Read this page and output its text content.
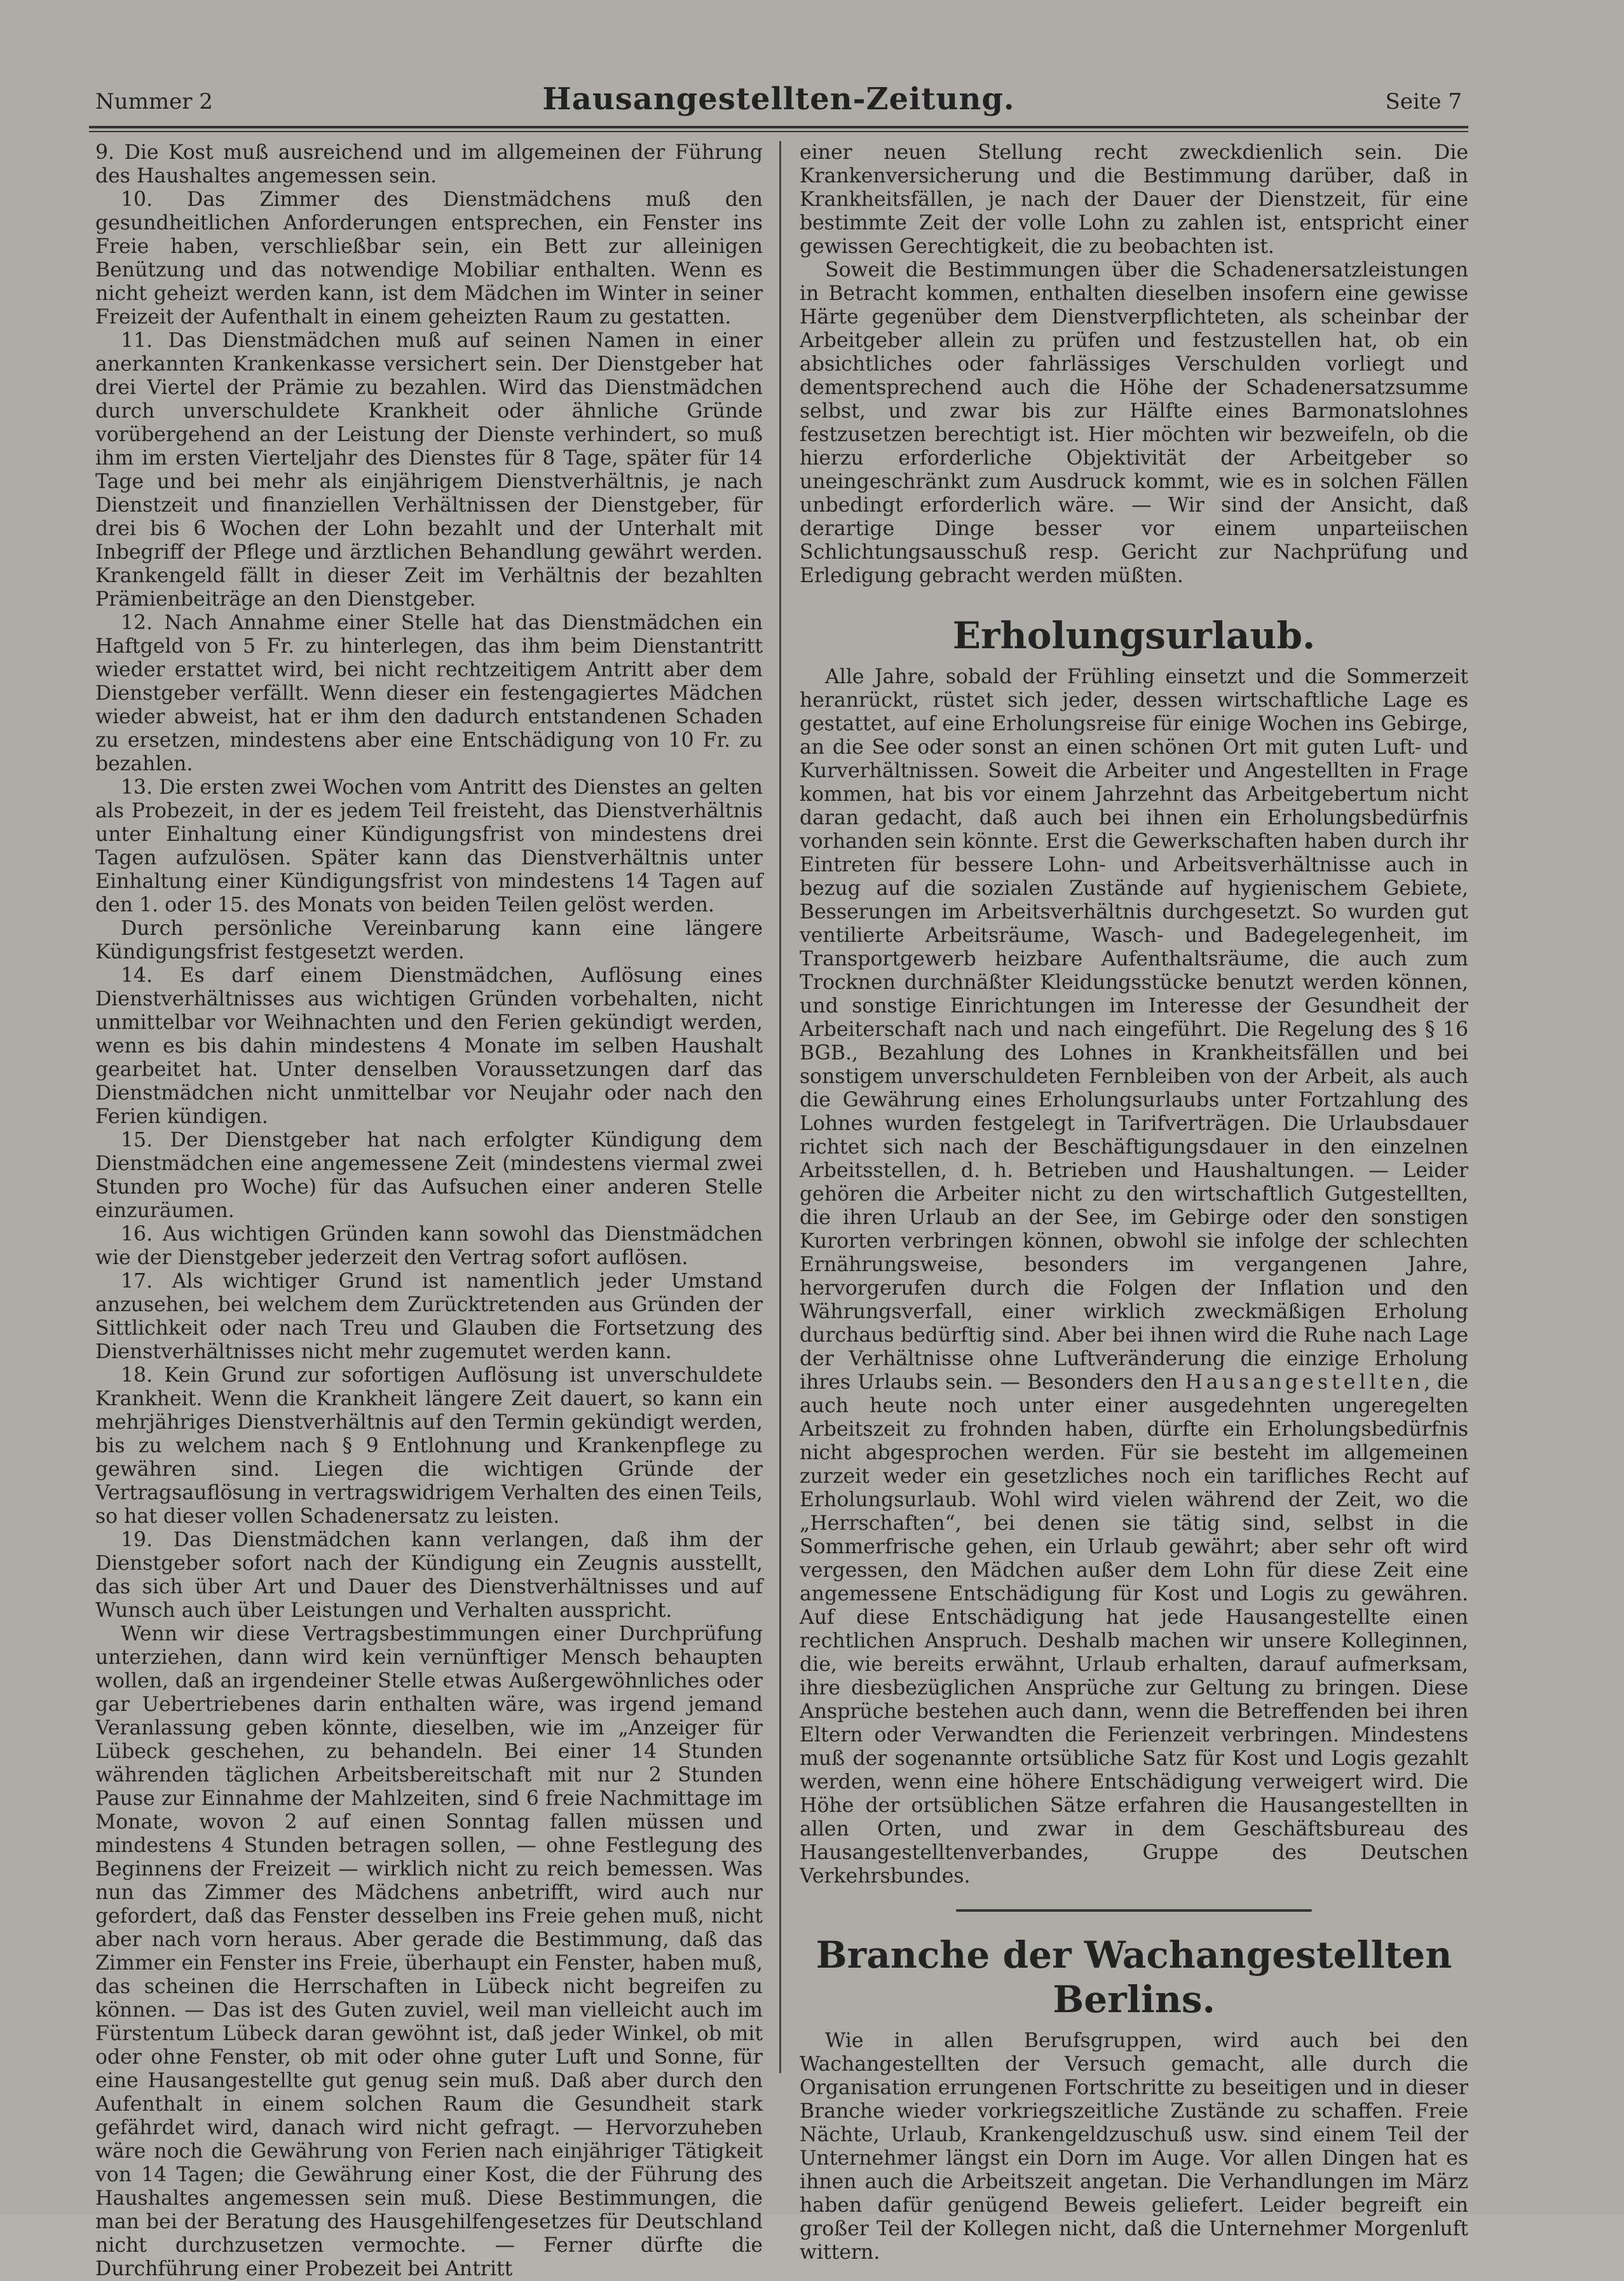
Nummer 2	Hausangestellten-Zeitung.	Seite 7

9. Die Kost muß ausreichend und im allgemeinen der Führung des Haushaltes angemessen sein.

10. Das Zimmer des Dienstmädchens muß den gesundheitlichen Anforderungen entsprechen, ein Fenster ins Freie haben, verschließbar sein, ein Bett zur alleinigen Benützung und das notwendige Mobiliar enthalten. Wenn es nicht geheizt werden kann, ist dem Mädchen im Winter in seiner Freizeit der Aufenthalt in einem geheizten Raum zu gestatten.

11. Das Dienstmädchen muß auf seinen Namen in einer anerkannten Krankenkasse versichert sein. Der Dienstgeber hat drei Viertel der Prämie zu bezahlen. Wird das Dienstmädchen durch unverschuldete Krankheit oder ähnliche Gründe vorübergehend an der Leistung der Dienste verhindert, so muß ihm im ersten Vierteljahr des Dienstes für 8 Tage, später für 14 Tage und bei mehr als einjährigem Dienstverhältnis, je nach Dienstzeit und finanziellen Verhältnissen der Dienstgeber, für drei bis 6 Wochen der Lohn bezahlt und der Unterhalt mit Inbegriff der Pflege und ärztlichen Behandlung gewährt werden. Krankengeld fällt in dieser Zeit im Verhältnis der bezahlten Prämienbeiträge an den Dienstgeber.

12. Nach Annahme einer Stelle hat das Dienstmädchen ein Haftgeld von 5 Fr. zu hinterlegen, das ihm beim Dienstantritt wieder erstattet wird, bei nicht rechtzeitigem Antritt aber dem Dienstgeber verfällt. Wenn dieser ein festengagiertes Mädchen wieder abweist, hat er ihm den dadurch entstandenen Schaden zu ersetzen, mindestens aber eine Entschädigung von 10 Fr. zu bezahlen.

13. Die ersten zwei Wochen vom Antritt des Dienstes an gelten als Probezeit, in der es jedem Teil freisteht, das Dienstverhältnis unter Einhaltung einer Kündigungsfrist von mindestens drei Tagen aufzulösen. Später kann das Dienstverhältnis unter Einhaltung einer Kündigungsfrist von mindestens 14 Tagen auf den 1. oder 15. des Monats von beiden Teilen gelöst werden.

Durch persönliche Vereinbarung kann eine längere Kündigungsfrist festgesetzt werden.

14. Es darf einem Dienstmädchen, Auflösung eines Dienstverhältnisses aus wichtigen Gründen vorbehalten, nicht unmittelbar vor Weihnachten und den Ferien gekündigt werden, wenn es bis dahin mindestens 4 Monate im selben Haushalt gearbeitet hat. Unter denselben Voraussetzungen darf das Dienstmädchen nicht unmittelbar vor Neujahr oder nach den Ferien kündigen.

15. Der Dienstgeber hat nach erfolgter Kündigung dem Dienstmädchen eine angemessene Zeit (mindestens viermal zwei Stunden pro Woche) für das Aufsuchen einer anderen Stelle einzuräumen.

16. Aus wichtigen Gründen kann sowohl das Dienstmädchen wie der Dienstgeber jederzeit den Vertrag sofort auflösen.

17. Als wichtiger Grund ist namentlich jeder Umstand anzusehen, bei welchem dem Zurücktretenden aus Gründen der Sittlichkeit oder nach Treu und Glauben die Fortsetzung des Dienstverhältnisses nicht mehr zugemutet werden kann.

18. Kein Grund zur sofortigen Auflösung ist unverschuldete Krankheit. Wenn die Krankheit längere Zeit dauert, so kann ein mehrjähriges Dienstverhältnis auf den Termin gekündigt werden, bis zu welchem nach § 9 Entlohnung und Krankenpflege zu gewähren sind. Liegen die wichtigen Gründe der Vertragsauflösung in vertragswidrigem Verhalten des einen Teils, so hat dieser vollen Schadenersatz zu leisten.

19. Das Dienstmädchen kann verlangen, daß ihm der Dienstgeber sofort nach der Kündigung ein Zeugnis ausstellt, das sich über Art und Dauer des Dienstverhältnisses und auf Wunsch auch über Leistungen und Verhalten ausspricht.

Wenn wir diese Vertragsbestimmungen einer Durchprüfung unterziehen, dann wird kein vernünftiger Mensch behaupten wollen, daß an irgendeiner Stelle etwas Außergewöhnliches oder gar Uebertriebenes darin enthalten wäre, was irgend jemand Veranlassung geben könnte, dieselben, wie im „Anzeiger für Lübeck geschehen, zu behandeln. Bei einer 14 Stunden währenden täglichen Arbeitsbereitschaft mit nur 2 Stunden Pause zur Einnahme der Mahlzeiten, sind 6 freie Nachmittage im Monate, wovon 2 auf einen Sonntag fallen müssen und mindestens 4 Stunden betragen sollen, — ohne Festlegung des Beginnens der Freizeit — wirklich nicht zu reich bemessen. Was nun das Zimmer des Mädchens anbetrifft, wird auch nur gefordert, daß das Fenster desselben ins Freie gehen muß, nicht aber nach vorn heraus. Aber gerade die Bestimmung, daß das Zimmer ein Fenster ins Freie, überhaupt ein Fenster, haben muß, das scheinen die Herrschaften in Lübeck nicht begreifen zu können. — Das ist des Guten zuviel, weil man vielleicht auch im Fürstentum Lübeck daran gewöhnt ist, daß jeder Winkel, ob mit oder ohne Fenster, ob mit oder ohne guter Luft und Sonne, für eine Hausangestellte gut genug sein muß. Daß aber durch den Aufenthalt in einem solchen Raum die Gesundheit stark gefährdet wird, danach wird nicht gefragt. — Hervorzuheben wäre noch die Gewährung von Ferien nach einjähriger Tätigkeit von 14 Tagen; die Gewährung einer Kost, die der Führung des Haushaltes angemessen sein muß. Diese Bestimmungen, die man bei der Beratung des Hausgehilfengesetzes für Deutschland nicht durchzusetzen vermochte. — Ferner dürfte die Durchführung einer Probezeit bei Antritt

einer neuen Stellung recht zweckdienlich sein. Die Krankenversicherung und die Bestimmung darüber, daß in Krankheitsfällen, je nach der Dauer der Dienstzeit, für eine bestimmte Zeit der volle Lohn zu zahlen ist, entspricht einer gewissen Gerechtigkeit, die zu beobachten ist.

Soweit die Bestimmungen über die Schadenersatzleistungen in Betracht kommen, enthalten dieselben insofern eine gewisse Härte gegenüber dem Dienstverpflichteten, als scheinbar der Arbeitgeber allein zu prüfen und festzustellen hat, ob ein absichtliches oder fahrlässiges Verschulden vorliegt und dementsprechend auch die Höhe der Schadenersatzsumme selbst, und zwar bis zur Hälfte eines Barmonatslohnes festzusetzen berechtigt ist. Hier möchten wir bezweifeln, ob die hierzu erforderliche Objektivität der Arbeitgeber so uneingeschränkt zum Ausdruck kommt, wie es in solchen Fällen unbedingt erforderlich wäre. — Wir sind der Ansicht, daß derartige Dinge besser vor einem unparteiischen Schlichtungsausschuß resp. Gericht zur Nachprüfung und Erledigung gebracht werden müßten.

Erholungsurlaub.

Alle Jahre, sobald der Frühling einsetzt und die Sommerzeit heranrückt, rüstet sich jeder, dessen wirtschaftliche Lage es gestattet, auf eine Erholungsreise für einige Wochen ins Gebirge, an die See oder sonst an einen schönen Ort mit guten Luft- und Kurverhältnissen. Soweit die Arbeiter und Angestellten in Frage kommen, hat bis vor einem Jahrzehnt das Arbeitgebertum nicht daran gedacht, daß auch bei ihnen ein Erholungsbedürfnis vorhanden sein könnte. Erst die Gewerkschaften haben durch ihr Eintreten für bessere Lohn- und Arbeitsverhältnisse auch in bezug auf die sozialen Zustände auf hygienischem Gebiete, Besserungen im Arbeitsverhältnis durchgesetzt. So wurden gut ventilierte Arbeitsräume, Wasch- und Badegelegenheit, im Transportgewerb heizbare Aufenthaltsräume, die auch zum Trocknen durchnäßter Kleidungsstücke benutzt werden können, und sonstige Einrichtungen im Interesse der Gesundheit der Arbeiterschaft nach und nach eingeführt. Die Regelung des § 16 BGB., Bezahlung des Lohnes in Krankheitsfällen und bei sonstigem unverschuldeten Fernbleiben von der Arbeit, als auch die Gewährung eines Erholungsurlaubs unter Fortzahlung des Lohnes wurden festgelegt in Tarifverträgen. Die Urlaubsdauer richtet sich nach der Beschäftigungsdauer in den einzelnen Arbeitsstellen, d. h. Betrieben und Haushaltungen. — Leider gehören die Arbeiter nicht zu den wirtschaftlich Gutgestellten, die ihren Urlaub an der See, im Gebirge oder den sonstigen Kurorten verbringen können, obwohl sie infolge der schlechten Ernährungsweise, besonders im vergangenen Jahre, hervorgerufen durch die Folgen der Inflation und den Währungsverfall, einer wirklich zweckmäßigen Erholung durchaus bedürftig sind. Aber bei ihnen wird die Ruhe nach Lage der Verhältnisse ohne Luftveränderung die einzige Erholung ihres Urlaubs sein. — Besonders den Hausangestellten, die auch heute noch unter einer ausgedehnten ungeregelten Arbeitszeit zu frohnden haben, dürfte ein Erholungsbedürfnis nicht abgesprochen werden. Für sie besteht im allgemeinen zurzeit weder ein gesetzliches noch ein tarifliches Recht auf Erholungsurlaub. Wohl wird vielen während der Zeit, wo die „Herrschaften“, bei denen sie tätig sind, selbst in die Sommerfrische gehen, ein Urlaub gewährt; aber sehr oft wird vergessen, den Mädchen außer dem Lohn für diese Zeit eine angemessene Entschädigung für Kost und Logis zu gewähren. Auf diese Entschädigung hat jede Hausangestellte einen rechtlichen Anspruch. Deshalb machen wir unsere Kolleginnen, die, wie bereits erwähnt, Urlaub erhalten, darauf aufmerksam, ihre diesbezüglichen Ansprüche zur Geltung zu bringen. Diese Ansprüche bestehen auch dann, wenn die Betreffenden bei ihren Eltern oder Verwandten die Ferienzeit verbringen. Mindestens muß der sogenannte ortsübliche Satz für Kost und Logis gezahlt werden, wenn eine höhere Entschädigung verweigert wird. Die Höhe der ortsüblichen Sätze erfahren die Hausangestellten in allen Orten, und zwar in dem Geschäftsbureau des Hausangestelltenverbandes, Gruppe des Deutschen Verkehrsbundes.

Branche der Wachangestellten Berlins.

Wie in allen Berufsgruppen, wird auch bei den Wachangestellten der Versuch gemacht, alle durch die Organisation errungenen Fortschritte zu beseitigen und in dieser Branche wieder vorkriegszeitliche Zustände zu schaffen. Freie Nächte, Urlaub, Krankengeldzuschuß usw. sind einem Teil der Unternehmer längst ein Dorn im Auge. Vor allen Dingen hat es ihnen auch die Arbeitszeit angetan. Die Verhandlungen im März haben dafür genügend Beweis geliefert. Leider begreift ein großer Teil der Kollegen nicht, daß die Unternehmer Morgenluft wittern.
